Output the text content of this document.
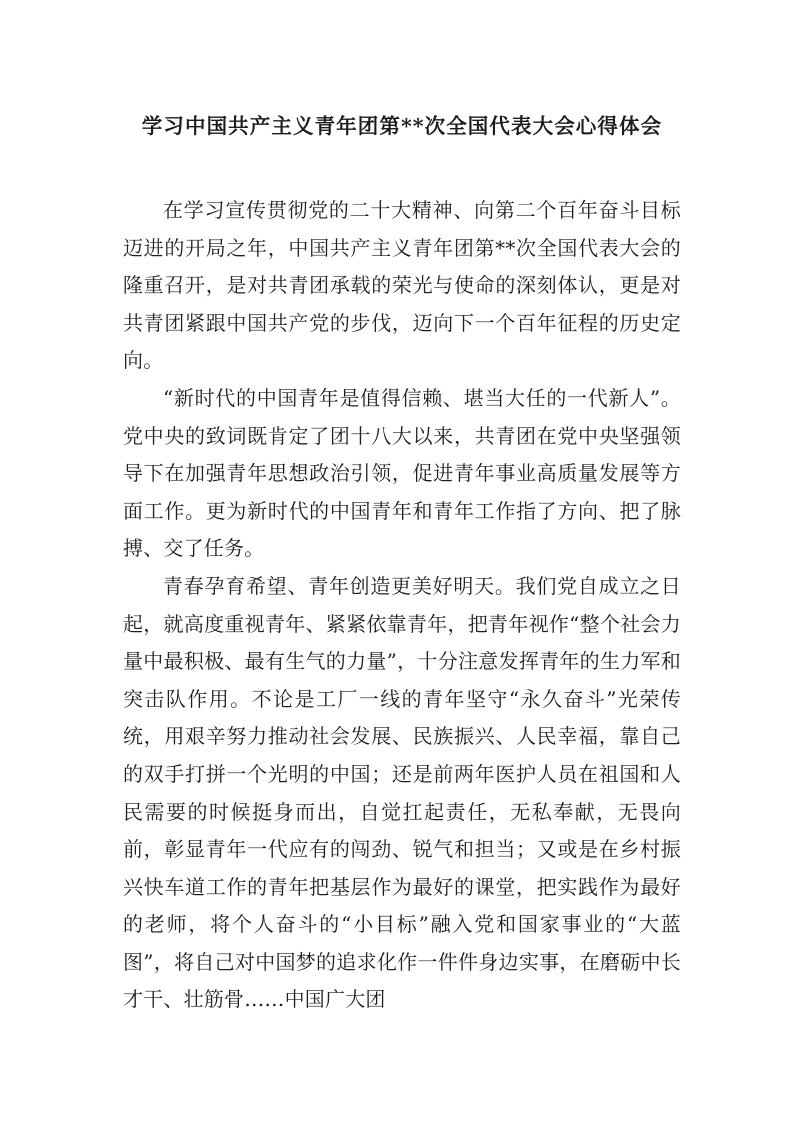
学习中国共产主义青年团第**次全国代表大会心得体会

在学习宣传贯彻党的二十大精神、向第二个百年奋斗目标迈进的开局之年，中国共产主义青年团第**次全国代表大会的隆重召开，是对共青团承载的荣光与使命的深刻体认，更是对共青团紧跟中国共产党的步伐，迈向下一个百年征程的历史定向。

“新时代的中国青年是值得信赖、堪当大任的一代新人”。党中央的致词既肯定了团十八大以来，共青团在党中央坚强领导下在加强青年思想政治引领，促进青年事业高质量发展等方面工作。更为新时代的中国青年和青年工作指了方向、把了脉搏、交了任务。

青春孕育希望、青年创造更美好明天。我们党自成立之日起，就高度重视青年、紧紧依靠青年，把青年视作“整个社会力量中最积极、最有生气的力量”，十分注意发挥青年的生力军和突击队作用。不论是工厂一线的青年坚守“永久奋斗”光荣传统，用艰辛努力推动社会发展、民族振兴、人民幸福，靠自己的双手打拼一个光明的中国；还是前两年医护人员在祖国和人民需要的时候挺身而出，自觉扛起责任，无私奉献，无畏向前，彰显青年一代应有的闯劲、锐气和担当；又或是在乡村振兴快车道工作的青年把基层作为最好的课堂，把实践作为最好的老师，将个人奋斗的“小目标”融入党和国家事业的“大蓝图”，将自己对中国梦的追求化作一件件身边实事，在磨砺中长才干、壮筋骨……中国广大团
